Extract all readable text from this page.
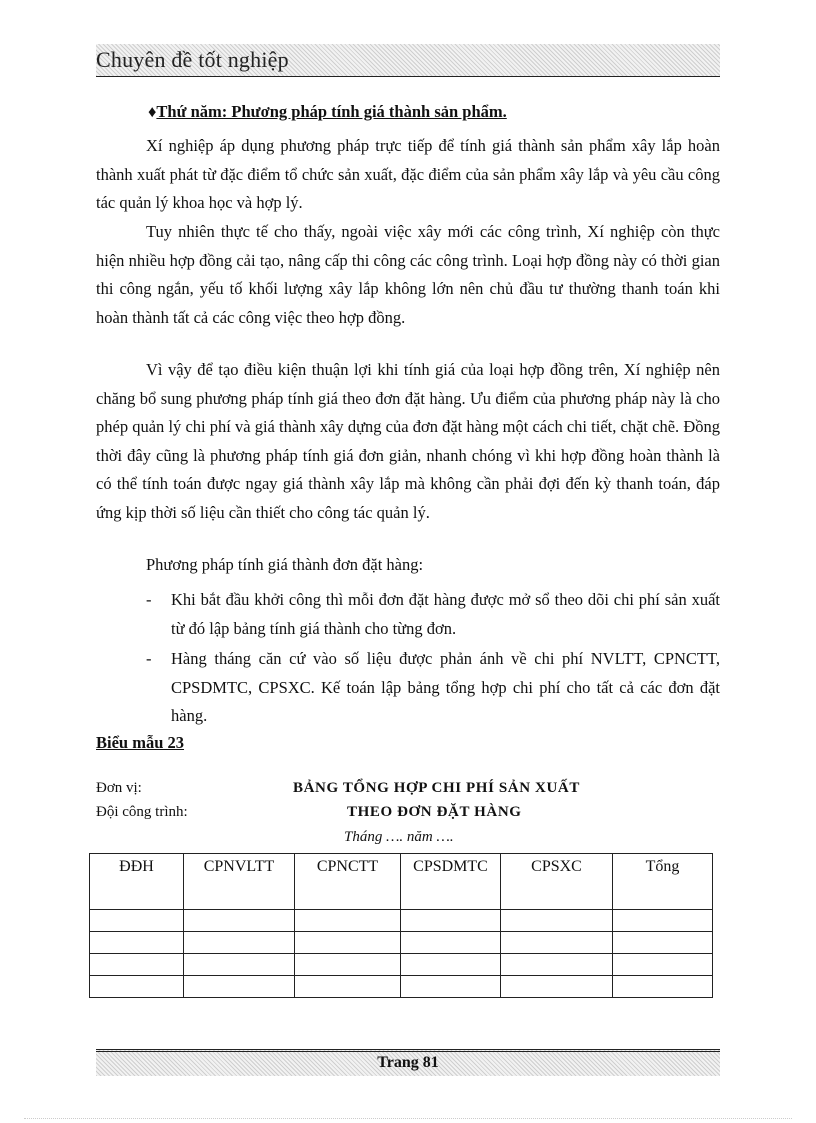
Chuyên đề tốt nghiệp
♦Thứ năm: Phương pháp tính giá thành sản phẩm.

Xí nghiệp áp dụng phương pháp trực tiếp để tính giá thành sản phẩm xây lắp hoàn thành xuất phát từ đặc điểm tổ chức sản xuất, đặc điểm của sản phẩm xây lắp và yêu cầu công tác quản lý khoa học và hợp lý.

Tuy nhiên thực tế cho thấy, ngoài việc xây mới các công trình, Xí nghiệp còn thực hiện nhiều hợp đồng cải tạo, nâng cấp thi công các công trình. Loại hợp đồng này có thời gian thi công ngắn, yếu tố khối lượng xây lắp không lớn nên chủ đầu tư thường thanh toán khi hoàn thành tất cả các công việc theo hợp đồng.

Vì vậy để tạo điều kiện thuận lợi khi tính giá của loại hợp đồng trên, Xí nghiệp nên chăng bổ sung phương pháp tính giá theo đơn đặt hàng. Ưu điểm của phương pháp này là cho phép quản lý chi phí và giá thành xây dựng của đơn đặt hàng một cách chi tiết, chặt chẽ. Đồng thời đây cũng là phương pháp tính giá đơn giản, nhanh chóng vì khi hợp đồng hoàn thành là có thể tính toán được ngay giá thành xây lắp mà không cần phải đợi đến kỳ thanh toán, đáp ứng kịp thời số liệu cần thiết cho công tác quản lý.

Phương pháp tính giá thành đơn đặt hàng:

- Khi bắt đầu khởi công thì mỗi đơn đặt hàng được mở sổ theo dõi chi phí sản xuất từ đó lập bảng tính giá thành cho từng đơn.
- Hàng tháng căn cứ vào số liệu được phản ánh về chi phí NVLTT, CPNCTT, CPSDMTC, CPSXC. Kế toán lập bảng tổng hợp chi phí cho tất cả các đơn đặt hàng.
Biểu mẫu 23
Đơn vị:
Đội công trình:
BẢNG TỔNG HỢP CHI PHÍ SẢN XUẤT
THEO ĐƠN ĐẶT HÀNG
Tháng …. năm ….
ĐĐH	CPNVLTT	CPNCTT	CPSDMTC	CPSXC	Tổng

Trang 81
